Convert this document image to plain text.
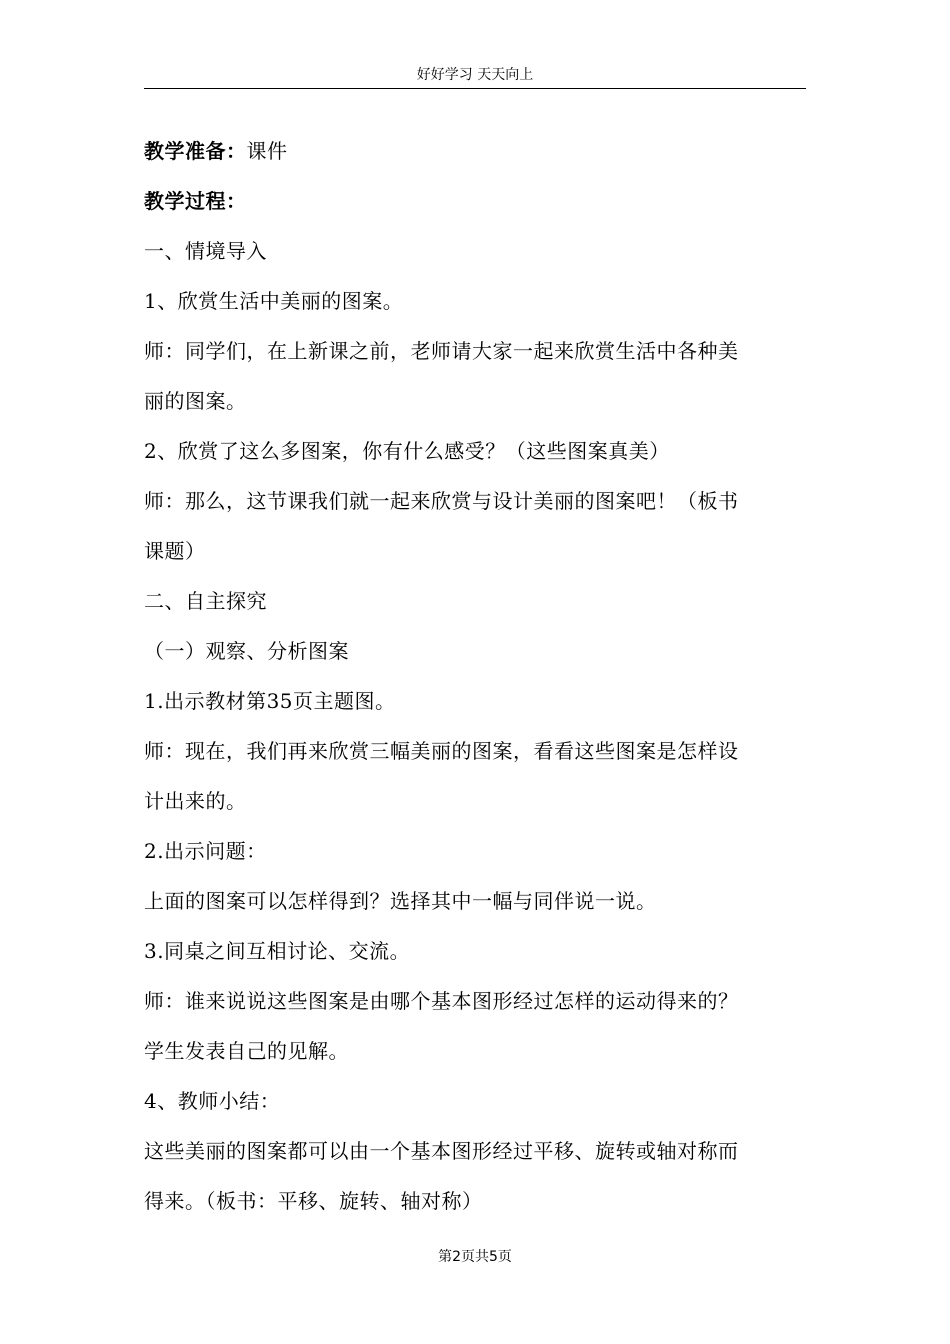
好好学习 天天向上
教学准备：课件
教学过程：
一、情境导入
1、欣赏生活中美丽的图案。
师：同学们，在上新课之前，老师请大家一起来欣赏生活中各种美
丽的图案。
2、欣赏了这么多图案，你有什么感受？（这些图案真美）
师：那么，这节课我们就一起来欣赏与设计美丽的图案吧！（板书
课题）
二、自主探究
（一）观察、分析图案
1.出示教材第35页主题图。
师：现在，我们再来欣赏三幅美丽的图案，看看这些图案是怎样设
计出来的。
2.出示问题：
上面的图案可以怎样得到？选择其中一幅与同伴说一说。
3.同桌之间互相讨论、交流。
师：谁来说说这些图案是由哪个基本图形经过怎样的运动得来的？
学生发表自己的见解。
4、教师小结：
这些美丽的图案都可以由一个基本图形经过平移、旋转或轴对称而
得来。（板书：平移、旋转、轴对称）
第2页共5页
